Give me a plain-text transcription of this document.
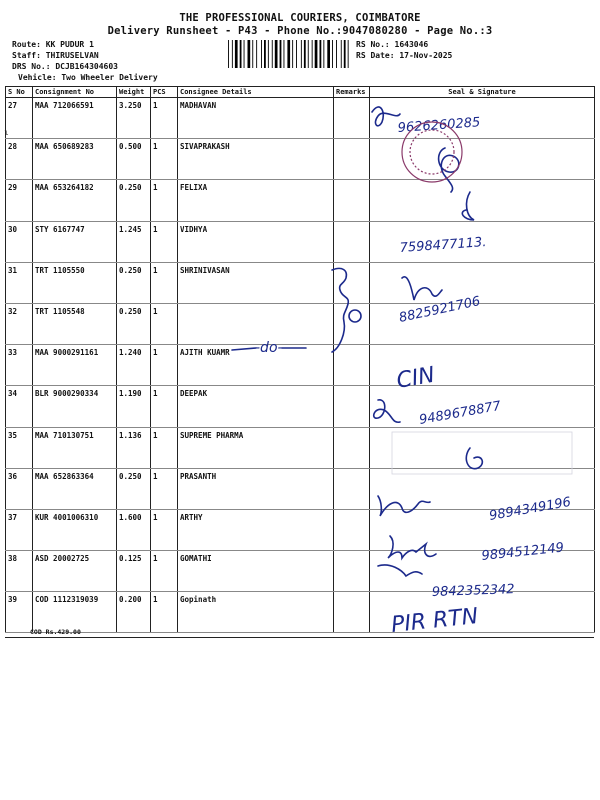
THE PROFESSIONAL COURIERS, COIMBATORE
Delivery Runsheet - P43 - Phone No.:9047080280 - Page No.:3
Route: KK PUDUR 1
Staff: THIRUSELVAN
DRS No.: DCJB164304603
Vehicle: Two Wheeler Delivery
RS No.: 1643046
RS Date: 17-Nov-2025
ɩ
S No	Consignment No	Weight	PCS	Consignee Details	Remarks	Seal & Signature

27	MAA 712066591	3.250	1	MADHAVAN		

28	MAA 650689283	0.500	1	SIVAPRAKASH		

29	MAA 653264182	0.250	1	FELIXA		

30	STY 6167747	1.245	1	VIDHYA		

31	TRT 1105550	0.250	1	SHRINIVASAN		

32	TRT 1105548	0.250	1			

33	MAA 9000291161	1.240	1	AJITH KUAMR		

34	BLR 9000290334	1.190	1	DEEPAK		

35	MAA 710130751	1.136	1	SUPREME PHARMA		

36	MAA 652863364	0.250	1	PRASANTH		

37	KUR 4001006310	1.600	1	ARTHY		

38	ASD 20002725	0.125	1	GOMATHI		

39	COD 1112319039	0.200	1	Gopinath		

COD Rs.429.00
9626260285
7598477113.
8825921706
-do-
CIN
9489678877
9894349196
9894512149
9842352342
PIR RTN
